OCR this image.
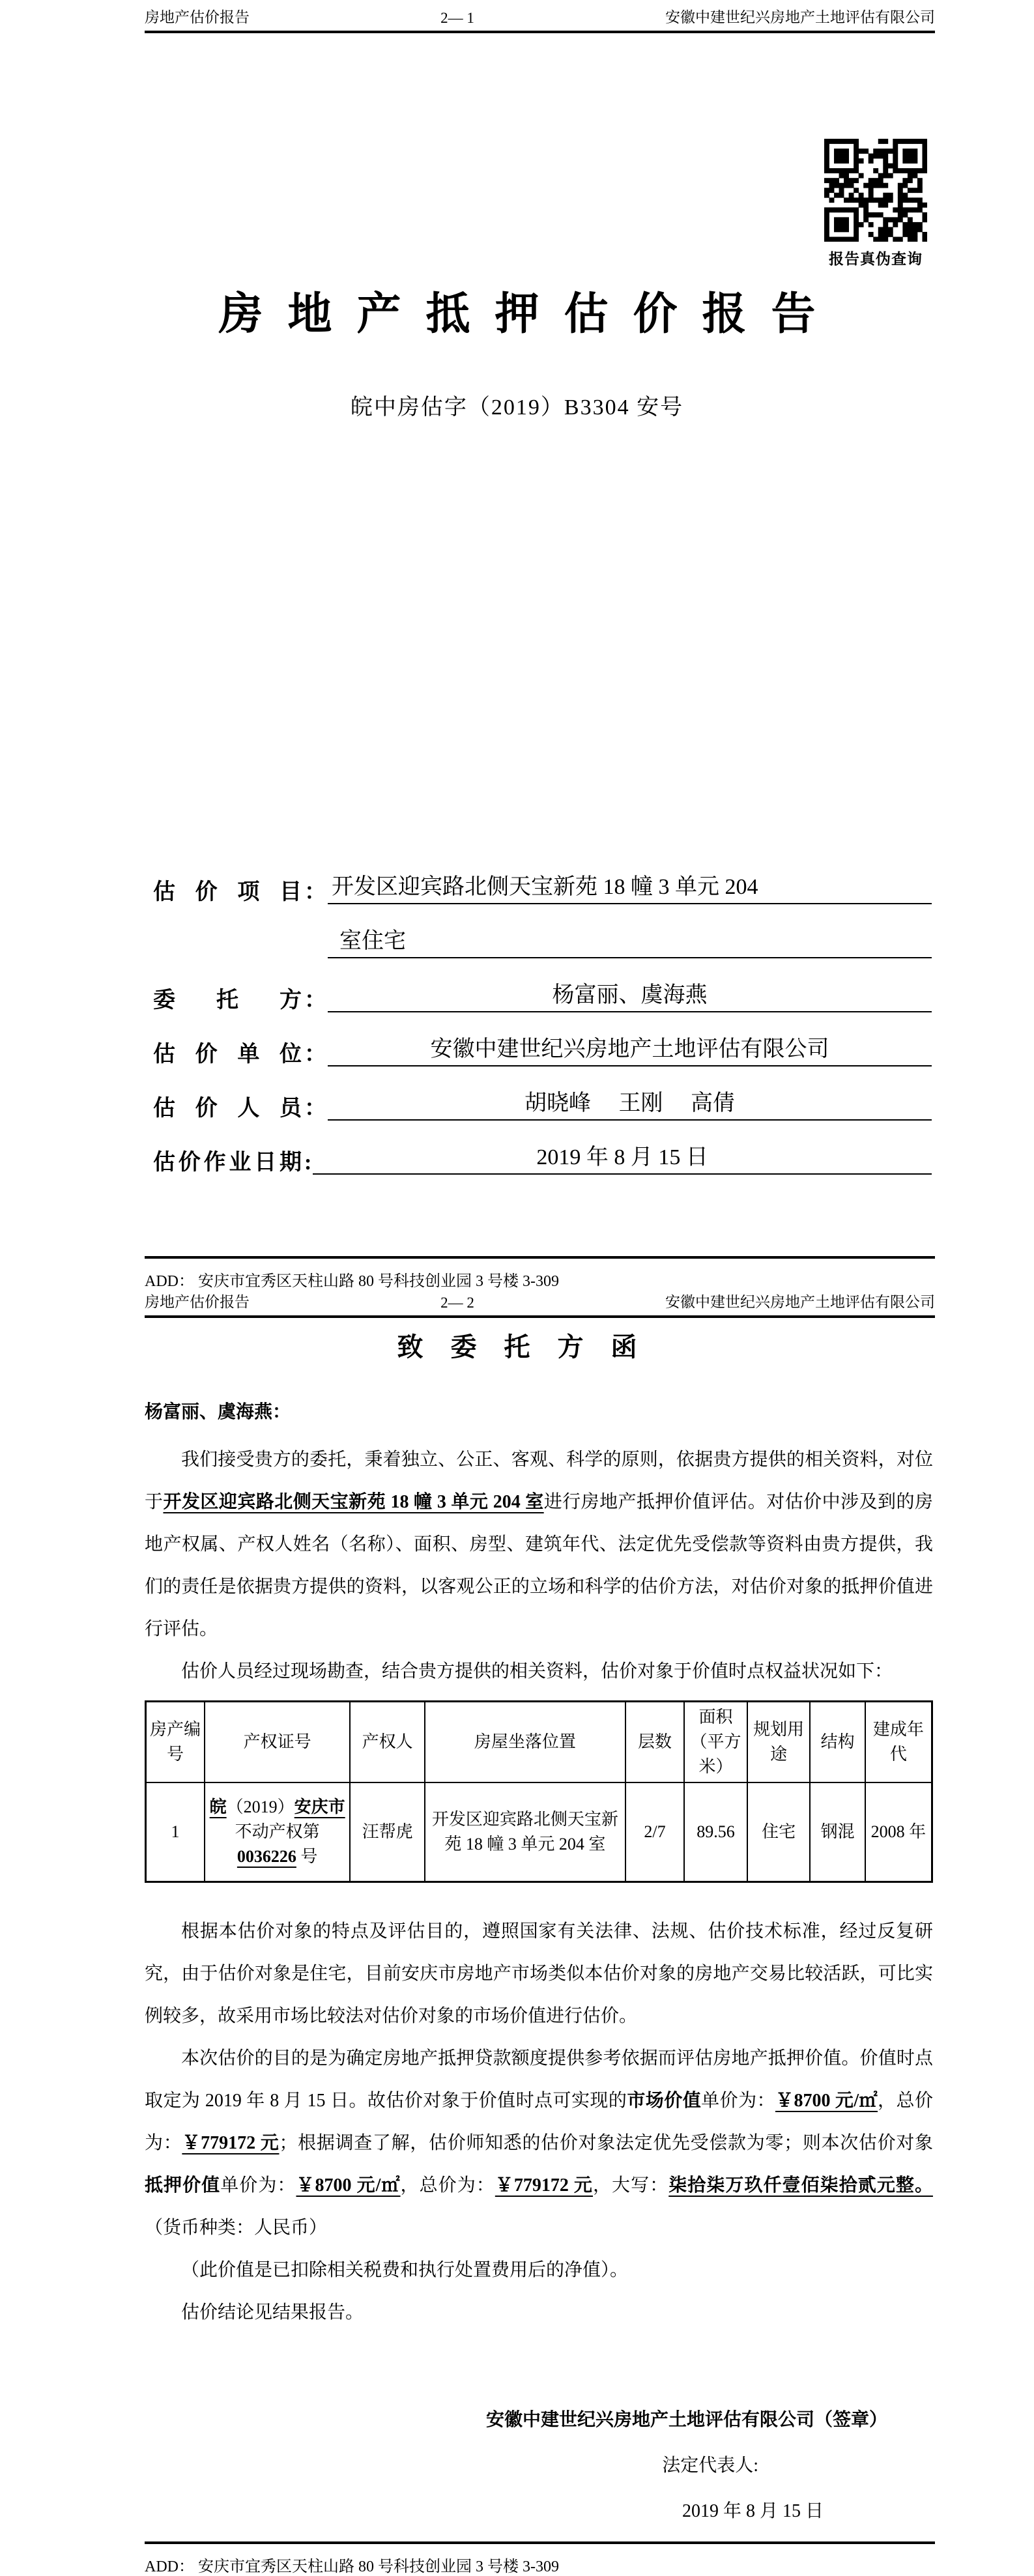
房地产估价报告	2— 1	安徽中建世纪兴房地产土地评估有限公司
报告真伪查询
房地产抵押估价报告
皖中房估字（2019）B3304 安号
估价项目 ： 开发区迎宾路北侧天宝新苑 18 幢 3 单元 204
室住宅
委托方 ：	杨富丽、虞海燕
估价单位 ：	安徽中建世纪兴房地产土地评估有限公司
估价人员 ：	胡晓峰　 王刚　 高倩
估价作业日期 :	2019 年 8 月 15 日
ADD： 安庆市宜秀区天柱山路 80 号科技创业园 3 号楼 3-309
房地产估价报告	2— 2	安徽中建世纪兴房地产土地评估有限公司
致委托方函
杨富丽、虞海燕：

我们接受贵方的委托，秉着独立、公正、客观、科学的原则，依据贵方提供的相关资料，对位于开发区迎宾路北侧天宝新苑 18 幢 3 单元 204 室进行房地产抵押价值评估。对估价中涉及到的房地产权属、产权人姓名（名称）、面积、房型、建筑年代、法定优先受偿款等资料由贵方提供，我们的责任是依据贵方提供的资料，以客观公正的立场和科学的估价方法，对估价对象的抵押价值进行评估。

估价人员经过现场勘查，结合贵方提供的相关资料，估价对象于价值时点权益状况如下：

房产编号	产权证号	产权人	房屋坐落位置	层数	面积（平方米）	规划用途	结构	建成年代
1	皖（2019）安庆市不动产权第 0036226 号	汪帮虎	开发区迎宾路北侧天宝新苑 18 幢 3 单元 204 室	2/7	89.56	住宅	钢混	2008 年

根据本估价对象的特点及评估目的，遵照国家有关法律、法规、估价技术标准，经过反复研究，由于估价对象是住宅，目前安庆市房地产市场类似本估价对象的房地产交易比较活跃，可比实例较多，故采用市场比较法对估价对象的市场价值进行估价。

本次估价的目的是为确定房地产抵押贷款额度提供参考依据而评估房地产抵押价值。价值时点取定为 2019 年 8 月 15 日。故估价对象于价值时点可实现的市场价值单价为：￥8700 元/㎡，总价为：￥779172 元；根据调查了解，估价师知悉的估价对象法定优先受偿款为零；则本次估价对象抵押价值单价为：￥8700 元/㎡，总价为：￥779172 元，大写：柒拾柒万玖仟壹佰柒拾贰元整。（货币种类：人民币）

（此价值是已扣除相关税费和执行处置费用后的净值）。

估价结论见结果报告。

安徽中建世纪兴房地产土地评估有限公司（签章）
法定代表人:
2019 年 8 月 15 日
ADD： 安庆市宜秀区天柱山路 80 号科技创业园 3 号楼 3-309
